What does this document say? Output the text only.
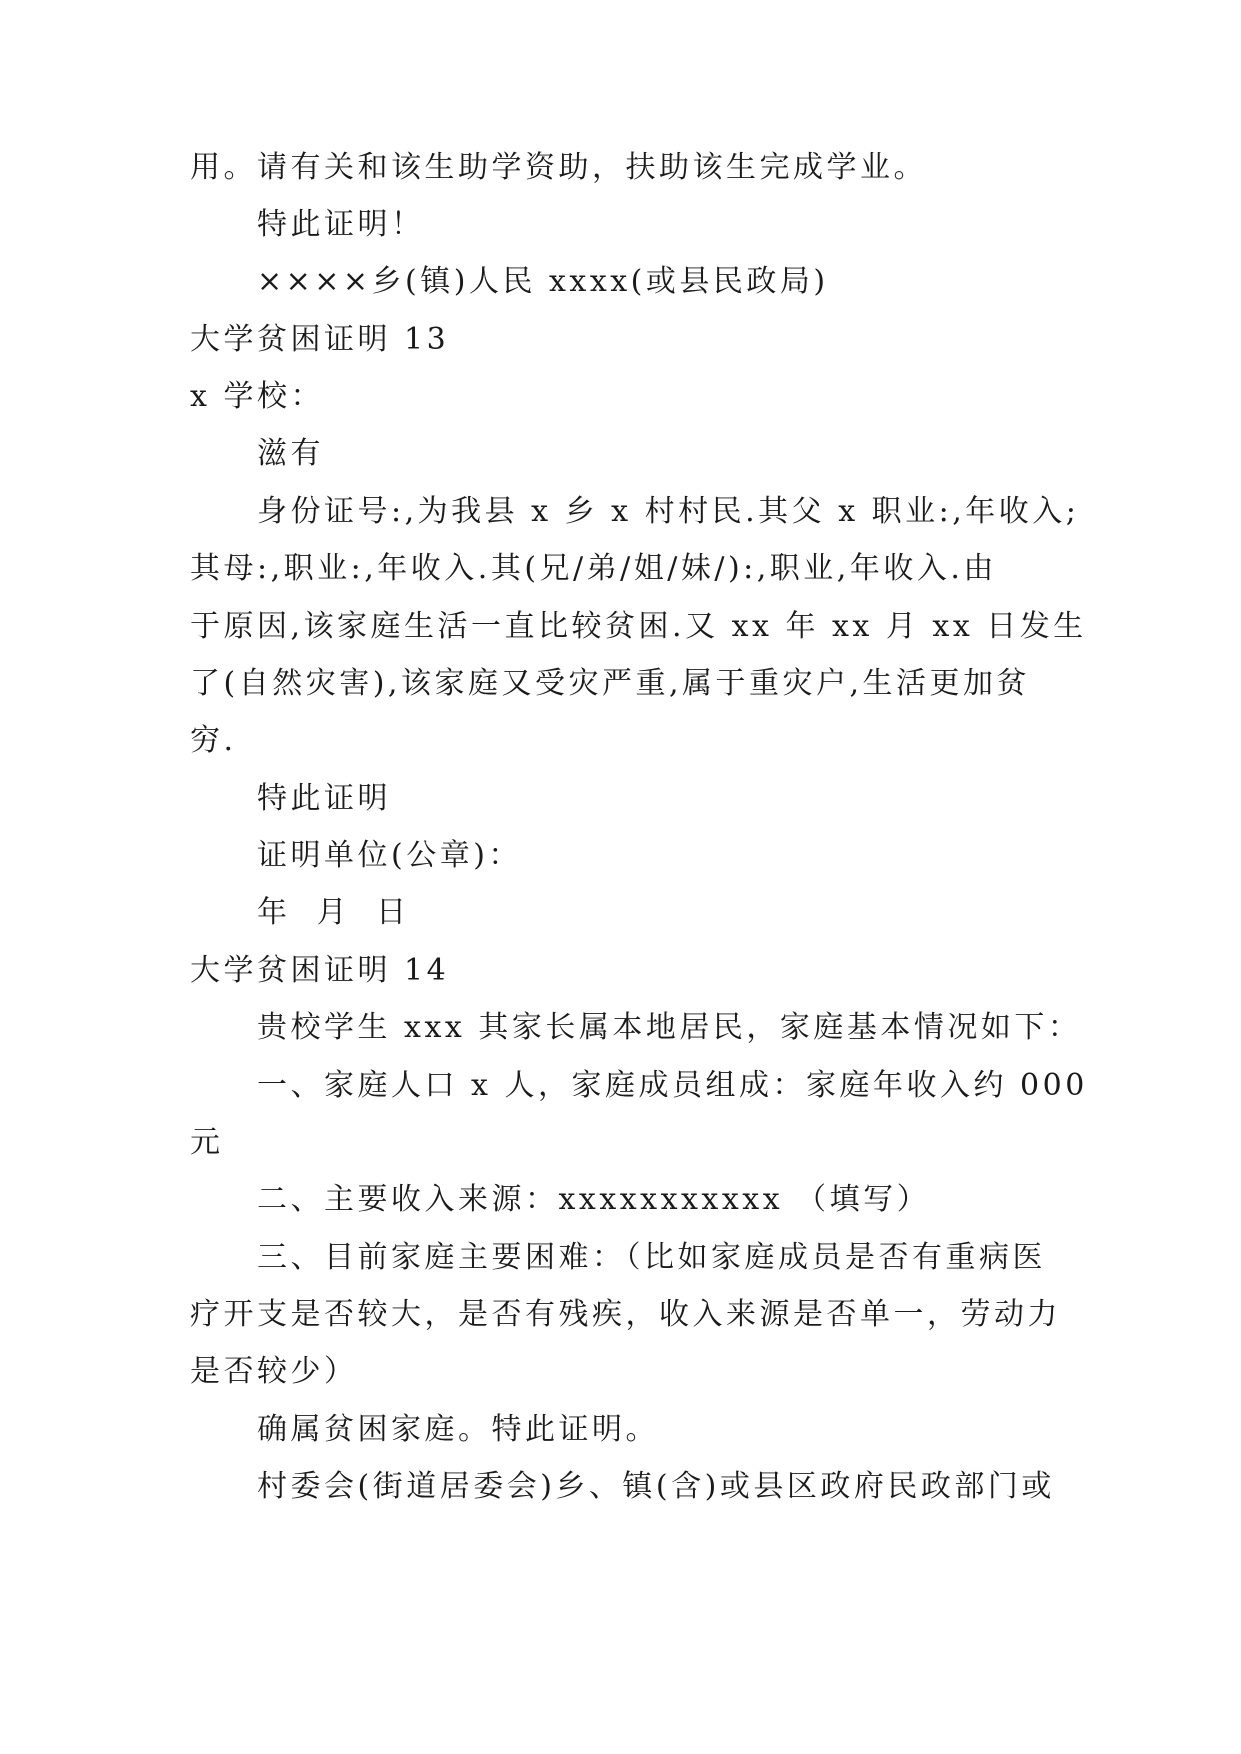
用。请有关和该生助学资助，扶助该生完成学业。
特此证明！
××××乡(镇)人民 xxxx(或县民政局)
大学贫困证明 13
x 学校：
滋有
身份证号:,为我县 x 乡 x 村村民.其父 x 职业:,年收入;
其母:,职业:,年收入.其(兄/弟/姐/妹/):,职业,年收入.由
于原因,该家庭生活一直比较贫困.又 xx 年 xx 月 xx 日发生
了(自然灾害),该家庭又受灾严重,属于重灾户,生活更加贫
穷.
特此证明
证明单位(公章)：
年  月  日
大学贫困证明 14
贵校学生 xxx 其家长属本地居民，家庭基本情况如下：
一、家庭人口 x 人，家庭成员组成：家庭年收入约 000
元
二、主要收入来源：xxxxxxxxxxx （填写）
三、目前家庭主要困难：（比如家庭成员是否有重病医
疗开支是否较大，是否有残疾，收入来源是否单一，劳动力
是否较少）
确属贫困家庭。特此证明。
村委会(街道居委会)乡、镇(含)或县区政府民政部门或
